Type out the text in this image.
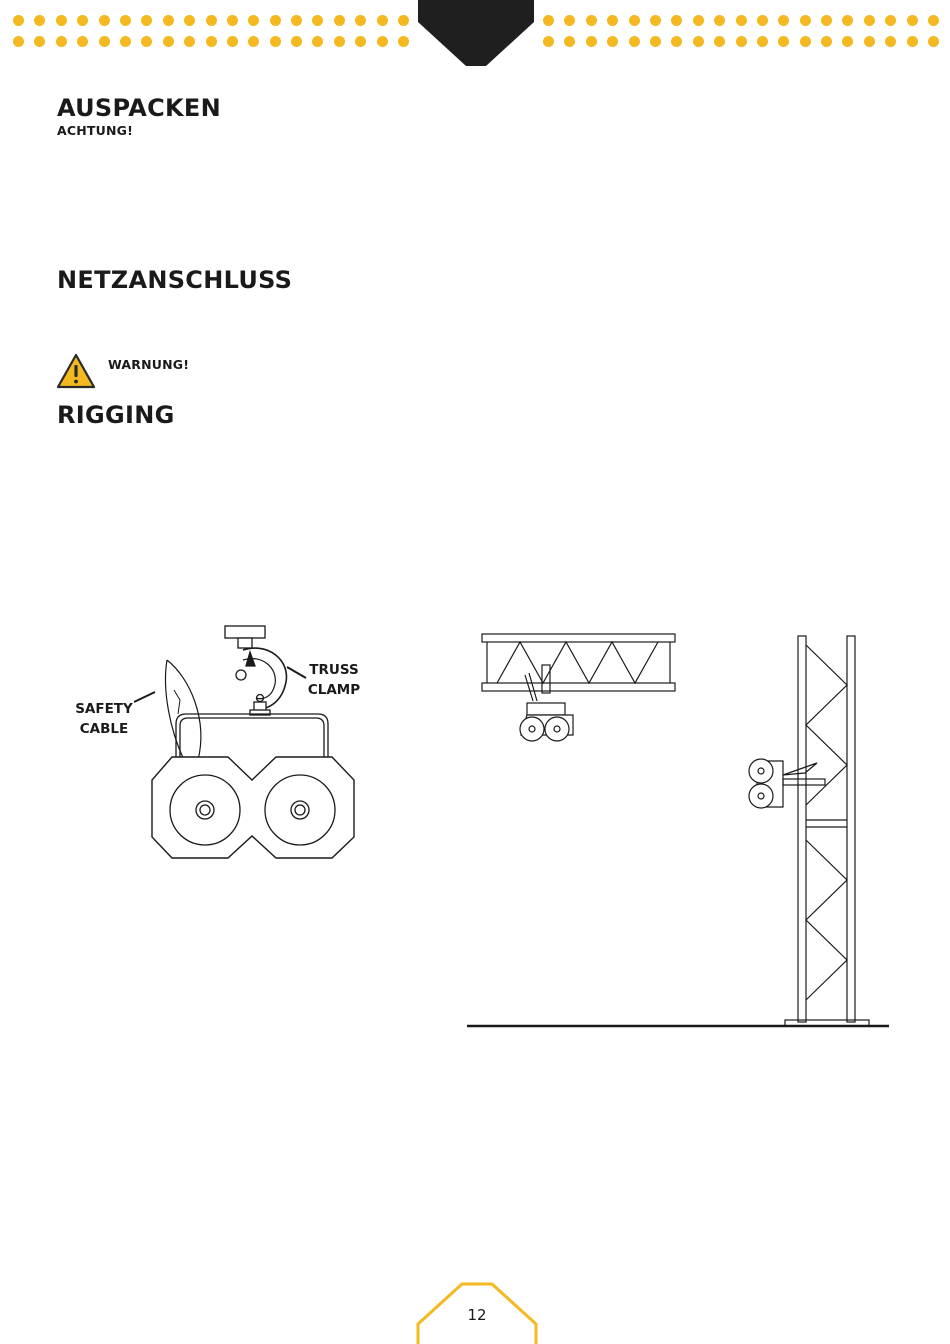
AUSPACKEN
ACHTUNG!
NETZANSCHLUSS
WARNUNG!
RIGGING
TRUSS
CLAMP
SAFETY
CABLE
12
